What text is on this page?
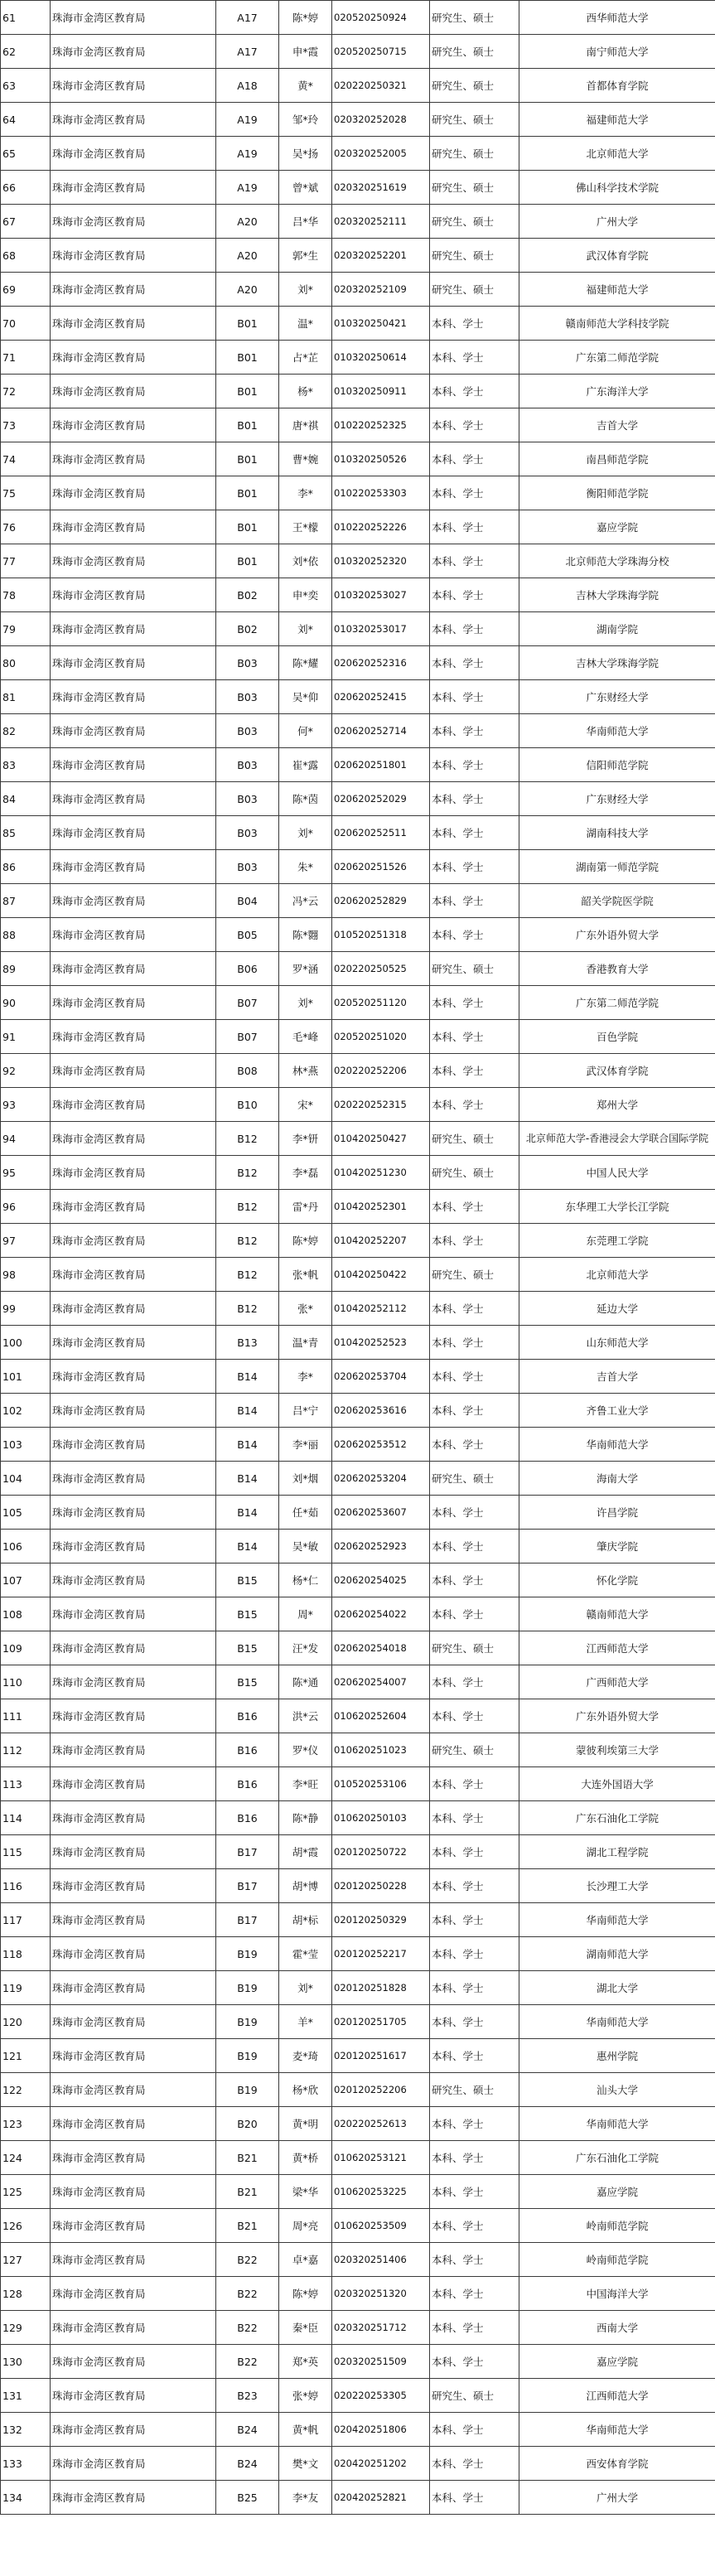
61	珠海市金湾区教育局	A17	陈*婷	020520250924	研究生、硕士	西华师范大学
62	珠海市金湾区教育局	A17	申*霞	020520250715	研究生、硕士	南宁师范大学
63	珠海市金湾区教育局	A18	黄*	020220250321	研究生、硕士	首都体育学院
64	珠海市金湾区教育局	A19	邹*玲	020320252028	研究生、硕士	福建师范大学
65	珠海市金湾区教育局	A19	吴*扬	020320252005	研究生、硕士	北京师范大学
66	珠海市金湾区教育局	A19	曾*斌	020320251619	研究生、硕士	佛山科学技术学院
67	珠海市金湾区教育局	A20	吕*华	020320252111	研究生、硕士	广州大学
68	珠海市金湾区教育局	A20	郭*生	020320252201	研究生、硕士	武汉体育学院
69	珠海市金湾区教育局	A20	刘*	020320252109	研究生、硕士	福建师范大学
70	珠海市金湾区教育局	B01	温*	010320250421	本科、学士	赣南师范大学科技学院
71	珠海市金湾区教育局	B01	占*芷	010320250614	本科、学士	广东第二师范学院
72	珠海市金湾区教育局	B01	杨*	010320250911	本科、学士	广东海洋大学
73	珠海市金湾区教育局	B01	唐*祺	010220252325	本科、学士	吉首大学
74	珠海市金湾区教育局	B01	曹*婉	010320250526	本科、学士	南昌师范学院
75	珠海市金湾区教育局	B01	李*	010220253303	本科、学士	衡阳师范学院
76	珠海市金湾区教育局	B01	王*檬	010220252226	本科、学士	嘉应学院
77	珠海市金湾区教育局	B01	刘*依	010320252320	本科、学士	北京师范大学珠海分校
78	珠海市金湾区教育局	B02	申*奕	010320253027	本科、学士	吉林大学珠海学院
79	珠海市金湾区教育局	B02	刘*	010320253017	本科、学士	湖南学院
80	珠海市金湾区教育局	B03	陈*耀	020620252316	本科、学士	吉林大学珠海学院
81	珠海市金湾区教育局	B03	吴*仰	020620252415	本科、学士	广东财经大学
82	珠海市金湾区教育局	B03	何*	020620252714	本科、学士	华南师范大学
83	珠海市金湾区教育局	B03	崔*露	020620251801	本科、学士	信阳师范学院
84	珠海市金湾区教育局	B03	陈*茵	020620252029	本科、学士	广东财经大学
85	珠海市金湾区教育局	B03	刘*	020620252511	本科、学士	湖南科技大学
86	珠海市金湾区教育局	B03	朱*	020620251526	本科、学士	湖南第一师范学院
87	珠海市金湾区教育局	B04	冯*云	020620252829	本科、学士	韶关学院医学院
88	珠海市金湾区教育局	B05	陈*翾	010520251318	本科、学士	广东外语外贸大学
89	珠海市金湾区教育局	B06	罗*涵	020220250525	研究生、硕士	香港教育大学
90	珠海市金湾区教育局	B07	刘*	020520251120	本科、学士	广东第二师范学院
91	珠海市金湾区教育局	B07	毛*峰	020520251020	本科、学士	百色学院
92	珠海市金湾区教育局	B08	林*燕	020220252206	本科、学士	武汉体育学院
93	珠海市金湾区教育局	B10	宋*	020220252315	本科、学士	郑州大学
94	珠海市金湾区教育局	B12	李*钘	010420250427	研究生、硕士	北京师范大学-香港浸会大学联合国际学院
95	珠海市金湾区教育局	B12	李*磊	010420251230	研究生、硕士	中国人民大学
96	珠海市金湾区教育局	B12	雷*丹	010420252301	本科、学士	东华理工大学长江学院
97	珠海市金湾区教育局	B12	陈*婷	010420252207	本科、学士	东莞理工学院
98	珠海市金湾区教育局	B12	张*帆	010420250422	研究生、硕士	北京师范大学
99	珠海市金湾区教育局	B12	张*	010420252112	本科、学士	延边大学
100	珠海市金湾区教育局	B13	温*青	010420252523	本科、学士	山东师范大学
101	珠海市金湾区教育局	B14	李*	020620253704	本科、学士	吉首大学
102	珠海市金湾区教育局	B14	吕*宁	020620253616	本科、学士	齐鲁工业大学
103	珠海市金湾区教育局	B14	李*丽	020620253512	本科、学士	华南师范大学
104	珠海市金湾区教育局	B14	刘*烟	020620253204	研究生、硕士	海南大学
105	珠海市金湾区教育局	B14	任*茹	020620253607	本科、学士	许昌学院
106	珠海市金湾区教育局	B14	吴*敏	020620252923	本科、学士	肇庆学院
107	珠海市金湾区教育局	B15	杨*仁	020620254025	本科、学士	怀化学院
108	珠海市金湾区教育局	B15	周*	020620254022	本科、学士	赣南师范大学
109	珠海市金湾区教育局	B15	汪*发	020620254018	研究生、硕士	江西师范大学
110	珠海市金湾区教育局	B15	陈*通	020620254007	本科、学士	广西师范大学
111	珠海市金湾区教育局	B16	洪*云	010620252604	本科、学士	广东外语外贸大学
112	珠海市金湾区教育局	B16	罗*仪	010620251023	研究生、硕士	蒙彼利埃第三大学
113	珠海市金湾区教育局	B16	李*旺	010520253106	本科、学士	大连外国语大学
114	珠海市金湾区教育局	B16	陈*静	010620250103	本科、学士	广东石油化工学院
115	珠海市金湾区教育局	B17	胡*霞	020120250722	本科、学士	湖北工程学院
116	珠海市金湾区教育局	B17	胡*博	020120250228	本科、学士	长沙理工大学
117	珠海市金湾区教育局	B17	胡*标	020120250329	本科、学士	华南师范大学
118	珠海市金湾区教育局	B19	霍*莹	020120252217	本科、学士	湖南师范大学
119	珠海市金湾区教育局	B19	刘*	020120251828	本科、学士	湖北大学
120	珠海市金湾区教育局	B19	羊*	020120251705	本科、学士	华南师范大学
121	珠海市金湾区教育局	B19	麦*琦	020120251617	本科、学士	惠州学院
122	珠海市金湾区教育局	B19	杨*欣	020120252206	研究生、硕士	汕头大学
123	珠海市金湾区教育局	B20	黄*明	020220252613	本科、学士	华南师范大学
124	珠海市金湾区教育局	B21	黄*桥	010620253121	本科、学士	广东石油化工学院
125	珠海市金湾区教育局	B21	梁*华	010620253225	本科、学士	嘉应学院
126	珠海市金湾区教育局	B21	周*亮	010620253509	本科、学士	岭南师范学院
127	珠海市金湾区教育局	B22	卓*嘉	020320251406	本科、学士	岭南师范学院
128	珠海市金湾区教育局	B22	陈*婷	020320251320	本科、学士	中国海洋大学
129	珠海市金湾区教育局	B22	秦*臣	020320251712	本科、学士	西南大学
130	珠海市金湾区教育局	B22	郑*英	020320251509	本科、学士	嘉应学院
131	珠海市金湾区教育局	B23	张*婷	020220253305	研究生、硕士	江西师范大学
132	珠海市金湾区教育局	B24	黄*帆	020420251806	本科、学士	华南师范大学
133	珠海市金湾区教育局	B24	樊*文	020420251202	本科、学士	西安体育学院
134	珠海市金湾区教育局	B25	李*友	020420252821	本科、学士	广州大学
